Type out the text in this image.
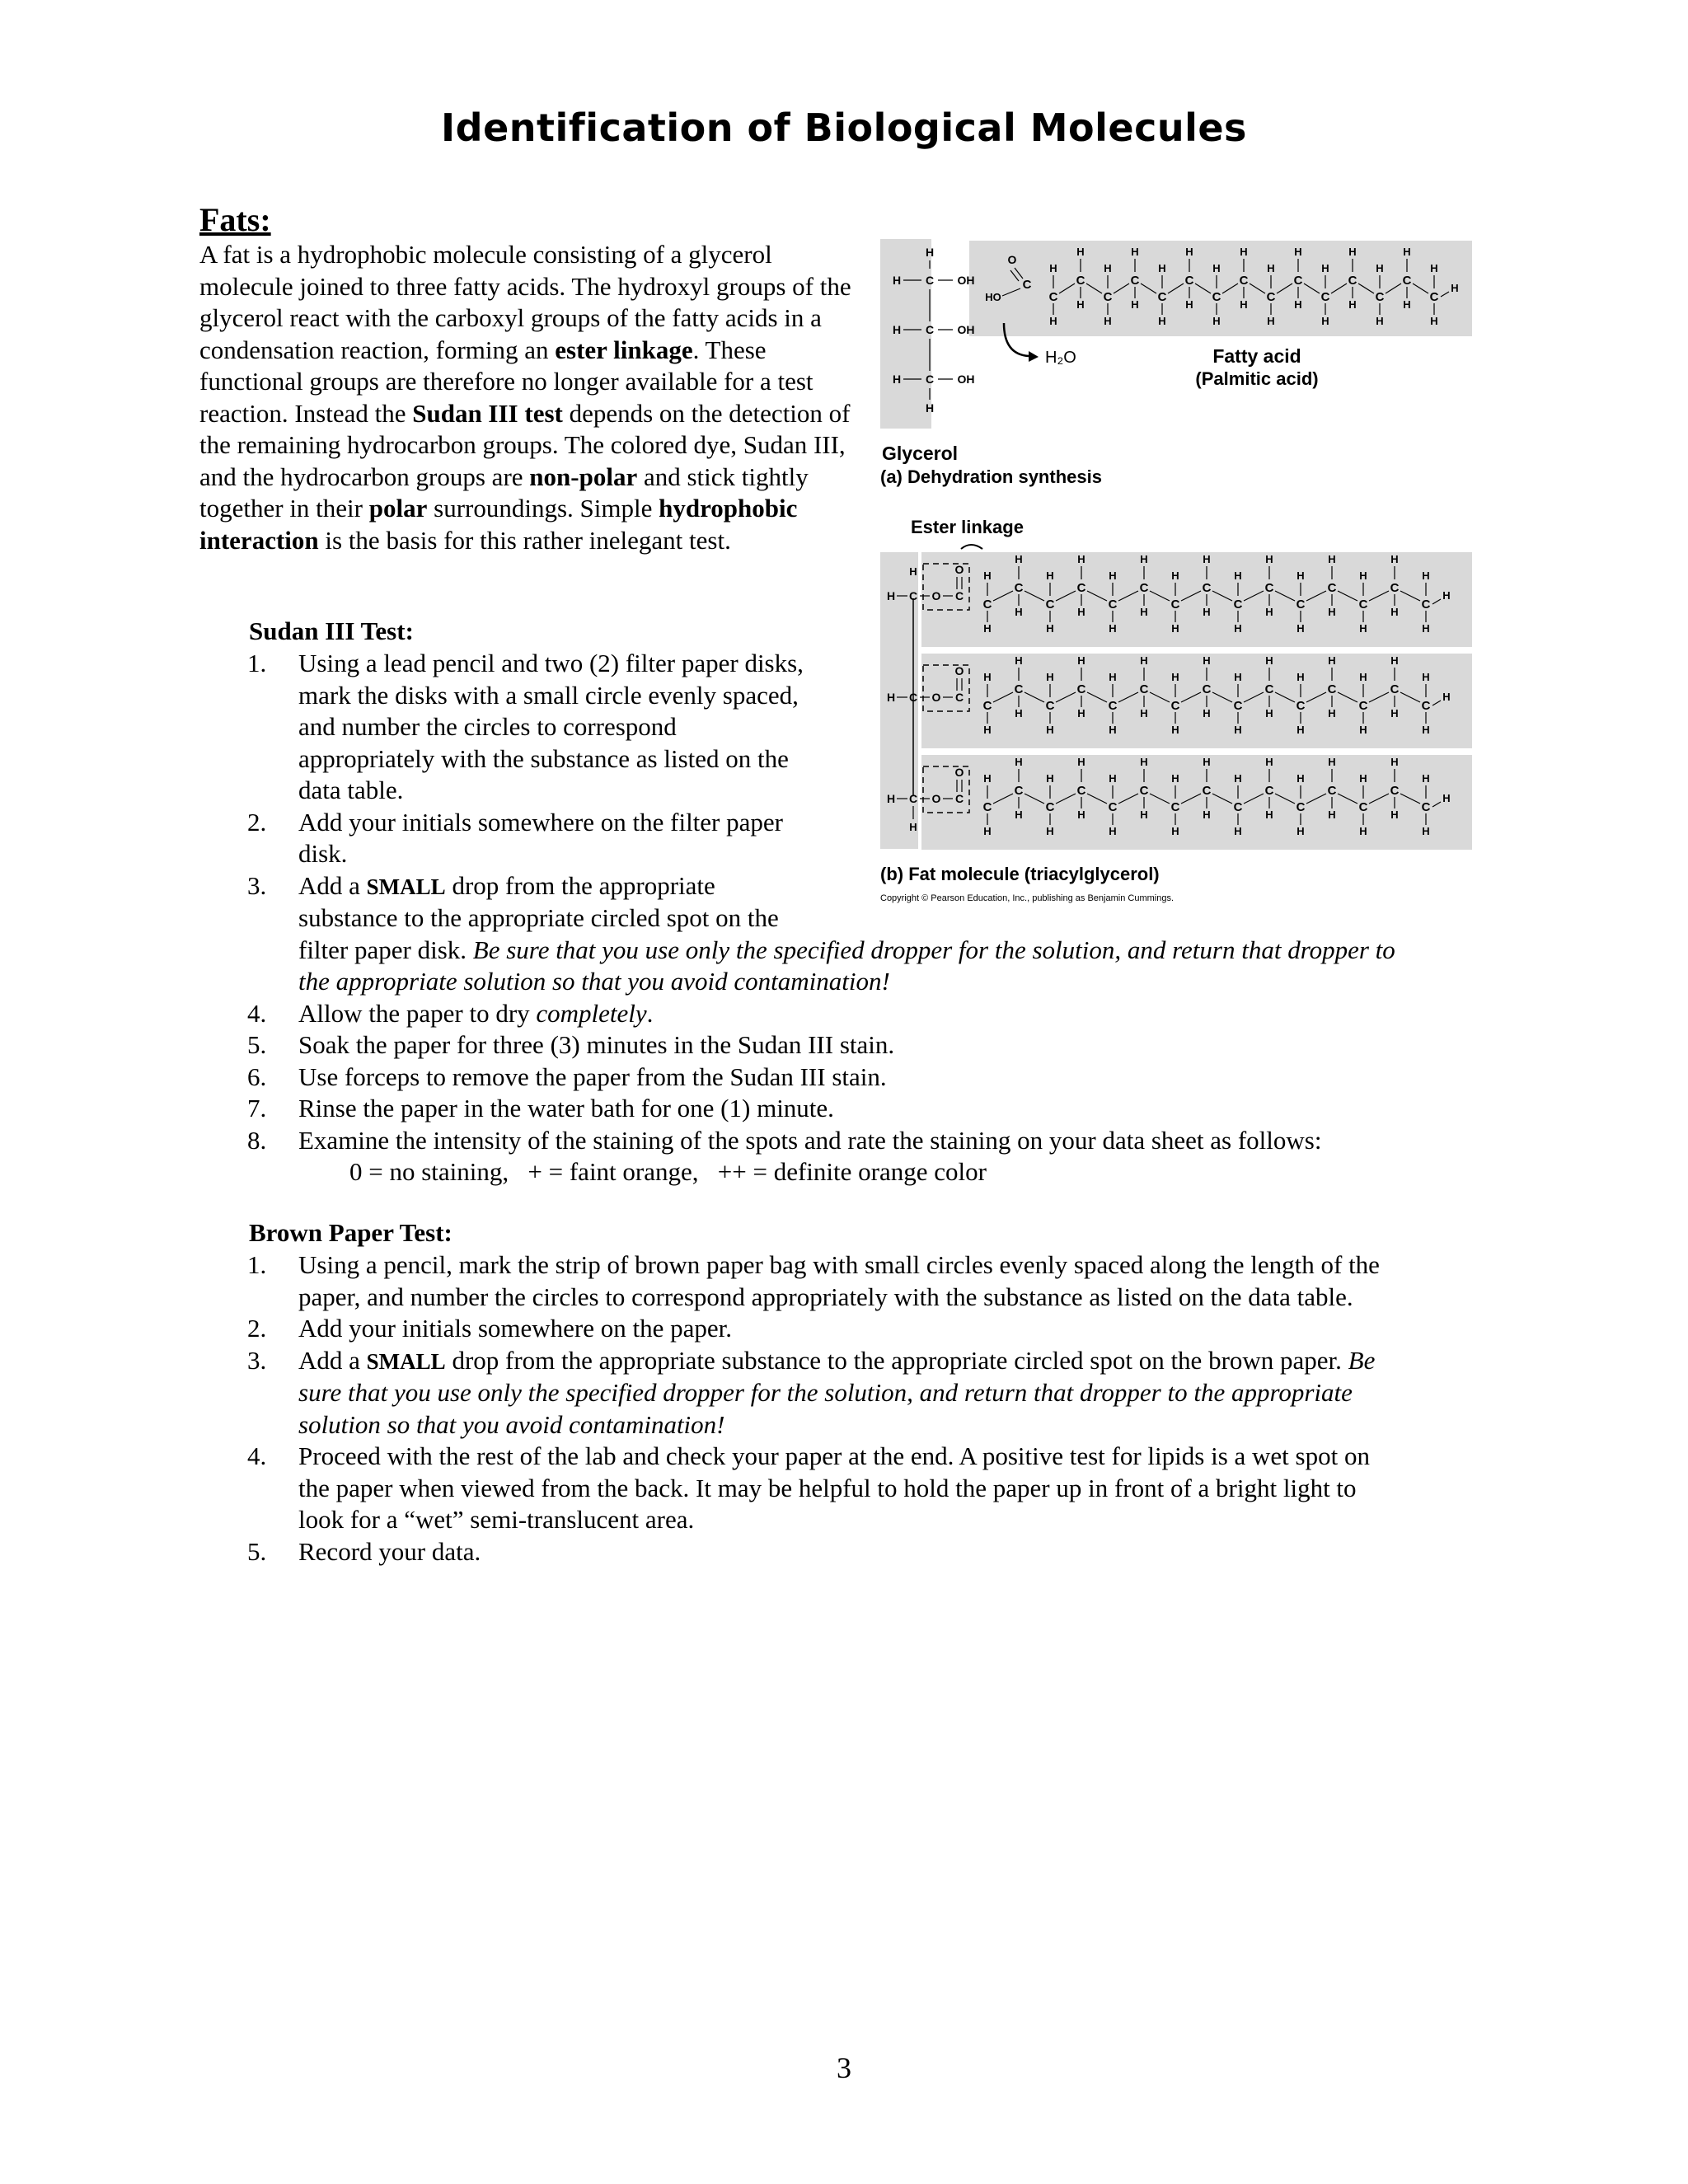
Identification of Biological Molecules
Fats:
A fat is a hydrophobic molecule consisting of a glycerol molecule joined to three fatty acids. The hydroxyl groups of the glycerol react with the carboxyl groups of the fatty acids in a condensation reaction, forming an ester linkage. These functional groups are therefore no longer available for a test reaction. Instead the Sudan III test depends on the detection of the remaining hydrocarbon groups. The colored dye, Sudan III, and the hydrocarbon groups are non-polar and stick tightly together in their polar surroundings. Simple hydrophobic interaction is the basis for this rather inelegant test.
Sudan III Test:
1. Using a lead pencil and two (2) filter paper disks,
mark the disks with a small circle evenly spaced,
and number the circles to correspond
appropriately with the substance as listed on the
data table.
2. Add your initials somewhere on the filter paper
disk.
3. Add a SMALL drop from the appropriate
substance to the appropriate circled spot on the
filter paper disk. Be sure that you use only the specified dropper for the solution, and return that dropper to
the appropriate solution so that you avoid contamination!
4. Allow the paper to dry completely.
5. Soak the paper for three (3) minutes in the Sudan III stain.
6. Use forceps to remove the paper from the Sudan III stain.
7. Rinse the paper in the water bath for one (1) minute.
8. Examine the intensity of the staining of the spots and rate the staining on your data sheet as follows:
0 = no staining,   + = faint orange,   ++ = definite orange color
Brown Paper Test:
1. Using a pencil, mark the strip of brown paper bag with small circles evenly spaced along the length of the
paper, and number the circles to correspond appropriately with the substance as listed on the data table.
2. Add your initials somewhere on the paper.
3. Add a SMALL drop from the appropriate substance to the appropriate circled spot on the brown paper. Be
sure that you use only the specified dropper for the solution, and return that dropper to the appropriate
solution so that you avoid contamination!
4. Proceed with the rest of the lab and check your paper at the end. A positive test for lipids is a wet spot on
the paper when viewed from the back. It may be helpful to hold the paper up in front of a bright light to
look for a “wet” semi-translucent area.
5. Record your data.
H
H C OH
H C OH
H C OH
H
O
HO
C
C
H
H
C
H
H
C
H
H
C
H
H
C
H
H
C
H
H
C
H
H
C
H
H
C
H
H
C
H
H
C
H
H
C
H
H
C
H
H
C
H
H
C
H
H
H
H₂O	Fatty acid
(Palmitic acid)
Glycerol
(a) Dehydration synthesis
Ester linkage
H C O C
O
H
C
H
H
C
H
H
C
H
H
C
H
H
C
H
H
C
H
H
C
H
H
C
H
H
C
H
H
C
H
H
C
H
H
C
H
H
C
H
H
C
H
H
C
H
H
H
H C O C
O
C
H
H
C
H
H
C
H
H
C
H
H
C
H
H
C
H
H
C
H
H
C
H
H
C
H
H
C
H
H
C
H
H
C
H
H
C
H
H
C
H
H
C
H
H
H
H C O C
O
C
H
H
C
H
H
C
H
H
C
H
H
C
H
H
C
H
H
C
H
H
C
H
H
C
H
H
C
H
H
C
H
H
C
H
H
C
H
H
C
H
H
C
H
H
H
H
(b) Fat molecule (triacylglycerol)
Copyright © Pearson Education, Inc., publishing as Benjamin Cummings.
3
